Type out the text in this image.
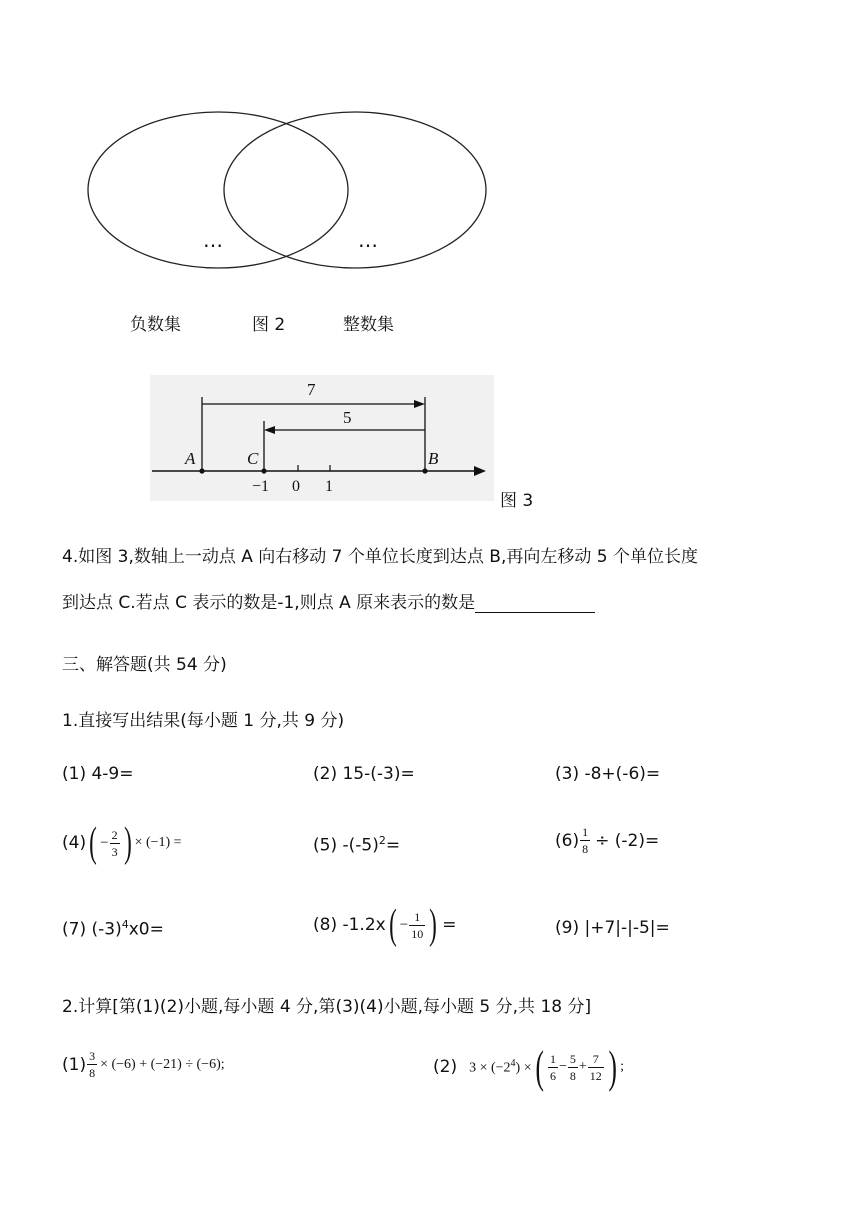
…	…
负数集	图 2	整数集
7
5
A	C	B
−1 0 1
图 3
4.如图 3,数轴上一动点 A 向右移动 7 个单位长度到达点 B,再向左移动 5 个单位长度
到达点 C.若点 C 表示的数是-1,则点 A 原来表示的数是
三、解答题(共 54 分)
1.直接写出结果(每小题 1 分,共 9 分)
(1) 4-9=	(2) 15-(-3)=	(3) -8+(-6)=
(4) ( − $\frac{2}{3}$ ) × (−1) =	(5) $-(-5)^2=$	$(6) \frac{1}{8} \div (-2)=$
(7) $(-3)^4x0=$	(8) -1.2x ( − $\frac{1}{10}$ ) =	(9) |+7|-|-5|=
2.计算[第(1)(2)小题,每小题 4 分,第(3)(4)小题,每小题 5 分,共 18 分]
$(1) \frac{3}{8} \times (-6) + (-21) \div (-6)$;	(2) $3 \times (-2^4)$ × ( $\frac{1}{6} - \frac{5}{8} + \frac{7}{12}$ ) ;
